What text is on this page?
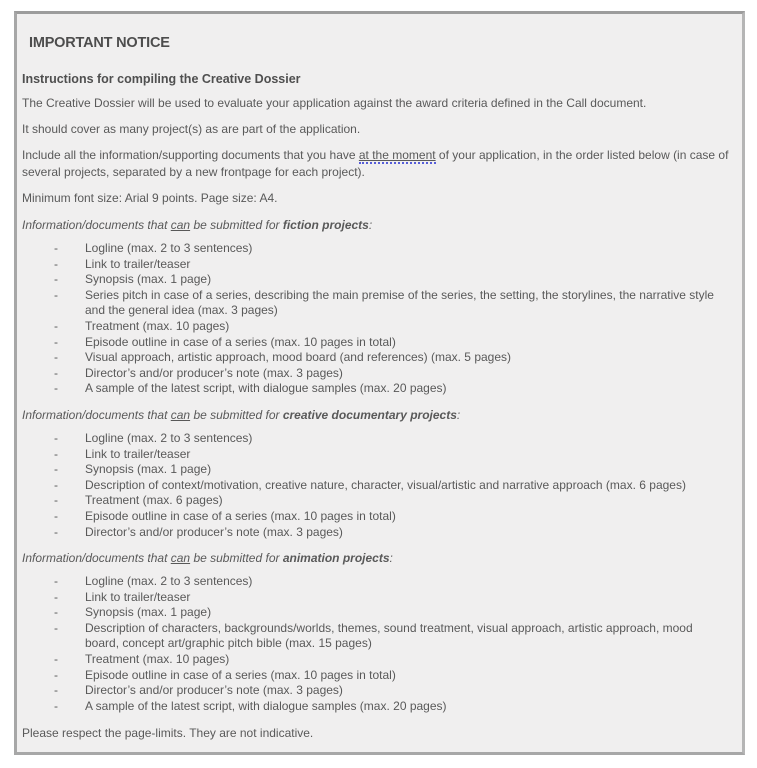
IMPORTANT NOTICE
Instructions for compiling the Creative Dossier
The Creative Dossier will be used to evaluate your application against the award criteria defined in the Call document.
It should cover as many project(s) as are part of the application.
Include all the information/supporting documents that you have at the moment of your application, in the order listed below (in case of several projects, separated by a new frontpage for each project).
Minimum font size: Arial 9 points. Page size: A4.
Information/documents that can be submitted for fiction projects:
-	Logline (max. 2 to 3 sentences)
-	Link to trailer/teaser
-	Synopsis (max. 1 page)
-	Series pitch in case of a series, describing the main premise of the series, the setting, the storylines, the narrative style and the general idea (max. 3 pages)
-	Treatment (max. 10 pages)
-	Episode outline in case of a series (max. 10 pages in total)
-	Visual approach, artistic approach, mood board (and references) (max. 5 pages)
-	Director’s and/or producer’s note (max. 3 pages)
-	A sample of the latest script, with dialogue samples (max. 20 pages)
Information/documents that can be submitted for creative documentary projects:
-	Logline (max. 2 to 3 sentences)
-	Link to trailer/teaser
-	Synopsis (max. 1 page)
-	Description of context/motivation, creative nature, character, visual/artistic and narrative approach (max. 6 pages)
-	Treatment (max. 6 pages)
-	Episode outline in case of a series (max. 10 pages in total)
-	Director’s and/or producer’s note (max. 3 pages)
Information/documents that can be submitted for animation projects:
-	Logline (max. 2 to 3 sentences)
-	Link to trailer/teaser
-	Synopsis (max. 1 page)
-	Description of characters, backgrounds/worlds, themes, sound treatment, visual approach, artistic approach, mood board, concept art/graphic pitch bible (max. 15 pages)
-	Treatment (max. 10 pages)
-	Episode outline in case of a series (max. 10 pages in total)
-	Director’s and/or producer’s note (max. 3 pages)
-	A sample of the latest script, with dialogue samples (max. 20 pages)
Please respect the page-limits. They are not indicative.
